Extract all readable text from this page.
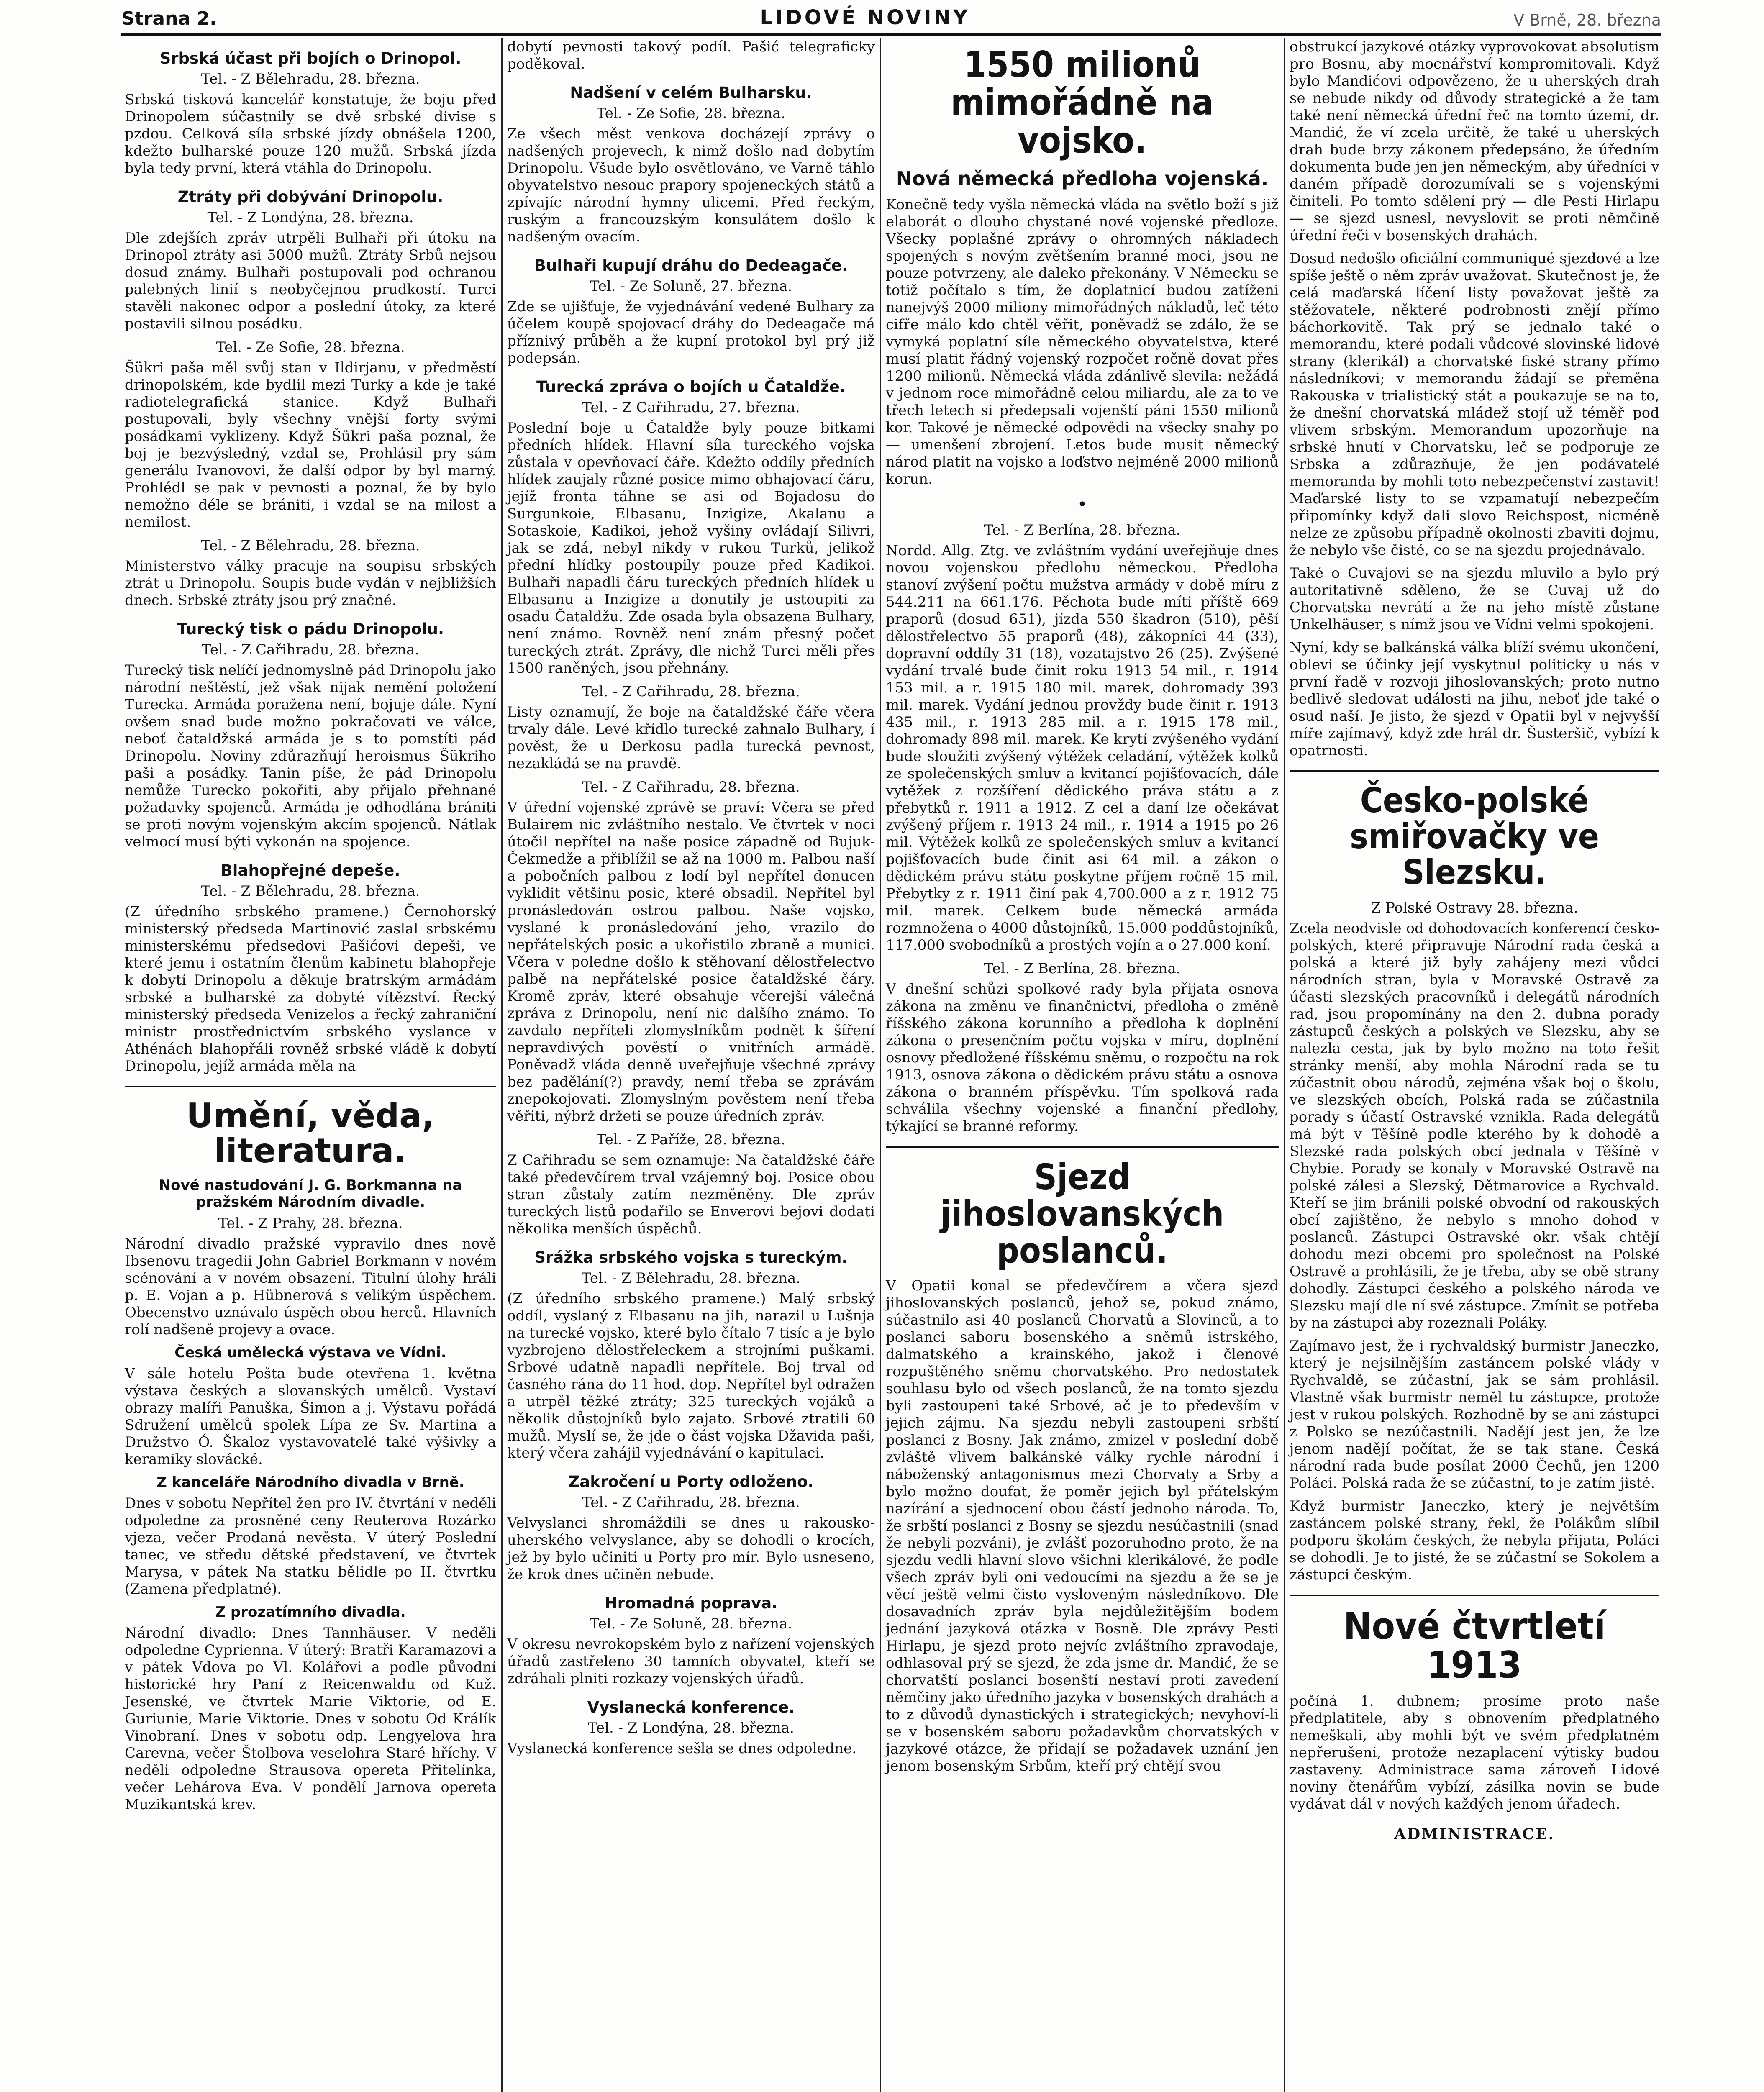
Strana 2.	LIDOVÉ NOVINY	V Brně, 28. března
Srbská účast při bojích o Drinopol.
Tel. - Z Bělehradu, 28. března.

Srbská tisková kancelář konstatuje, že boju před Drinopolem súčastnily se dvě srbské divise s pzdou. Celková síla srbské jízdy obnášela 1200, kdežto bulharské pouze 120 mužů. Srbská jízda byla tedy první, která vtáhla do Drinopolu.

Ztráty při dobývání Drinopolu.
Tel. - Z Londýna, 28. března.

Dle zdejších zpráv utrpěli Bulhaři při útoku na Drinopol ztráty asi 5000 mužů. Ztráty Srbů nejsou dosud známy. Bulhaři postupovali pod ochranou palebných linií s neobyčejnou prudkostí. Turci stavěli nakonec odpor a poslední útoky, za které postavili silnou posádku.

Tel. - Ze Sofie, 28. března.

Šükri paša měl svůj stan v Ildirjanu, v předměstí drinopolském, kde bydlil mezi Turky a kde je také radiotelegrafická stanice. Když Bulhaři postupovali, byly všechny vnější forty svými posádkami vyklizeny. Když Šükri paša poznal, že boj je bezvýsledný, vzdal se, Prohlásil pry sám generálu Ivanovovi, že další odpor by byl marný. Prohlédl se pak v pevnosti a poznal, že by bylo nemožno déle se brániti, i vzdal se na milost a nemilost.

Tel. - Z Bělehradu, 28. března.

Ministerstvo války pracuje na soupisu srbských ztrát u Drinopolu. Soupis bude vydán v nejbližších dnech. Srbské ztráty jsou prý značné.

Turecký tisk o pádu Drinopolu.
Tel. - Z Cařihradu, 28. března.

Turecký tisk nelíčí jednomyslně pád Drinopolu jako národní neštěstí, jež však nijak nemění položení Turecka. Armáda poražena není, bojuje dále. Nyní ovšem snad bude možno pokračovati ve válce, neboť čataldžská armáda je s to pomstíti pád Drinopolu. Noviny zdůrazňují heroismus Šükriho paši a posádky. Tanin píše, že pád Drinopolu nemůže Turecko pokořiti, aby přijalo přehnané požadavky spojenců. Armáda je odhodlána brániti se proti novým vojenským akcím spojenců. Nátlak velmocí musí býti vykonán na spojence.

Blahopřejné depeše.
Tel. - Z Bělehradu, 28. března.

(Z úředního srbského pramene.) Černohorský ministerský předseda Martinović zaslal srbskému ministerskému předsedovi Pašićovi depeši, ve které jemu i ostatním členům kabinetu blahopřeje k dobytí Drinopolu a děkuje bratrským armádám srbské a bulharské za dobyté vítězství. Řecký ministerský předseda Venizelos a řecký zahraniční ministr prostřednictvím srbského vyslance v Athénách blahopřáli rovněž srbské vládě k dobytí Drinopolu, jejíž armáda měla na

Umění, věda, literatura.
Nové nastudování J. G. Borkmanna na pražském Národním divadle.
Tel. - Z Prahy, 28. března.

Národní divadlo pražské vypravilo dnes nově Ibsenovu tragedii John Gabriel Borkmann v novém scénování a v novém obsazení. Titulní úlohy hráli p. E. Vojan a p. Hübnerová s velikým úspěchem. Obecenstvo uznávalo úspěch obou herců. Hlavních rolí nadšeně projevy a ovace.

Česká umělecká výstava ve Vídni.

V sále hotelu Pošta bude otevřena 1. května výstava českých a slovanských umělců. Vystaví obrazy malíři Panuška, Šimon a j. Výstavu pořádá Sdružení umělců spolek Lípa ze Sv. Martina a Družstvo Ó. Škaloz vystavovatelé také výšivky a keramiky slovácké.

Z kanceláře Národního divadla v Brně.

Dnes v sobotu Nepřítel žen pro IV. čtvrtání v neděli odpoledne za prosněné ceny Reuterova Rozárko vjeza, večer Prodaná nevěsta. V úterý Poslední tanec, ve středu dětské představení, ve čtvrtek Marysa, v pátek Na statku bělidle po II. čtvrtku (Zamena předplatné).

Z prozatímního divadla.

Národní divadlo: Dnes Tannhäuser. V neděli odpoledne Cyprienna. V úterý: Bratři Karamazovi a v pátek Vdova po Vl. Kolářovi a podle původní historické hry Paní z Reicenwaldu od Kuž. Jesenské, ve čtvrtek Marie Viktorie, od E. Guriunie, Marie Viktorie. Dnes v sobotu Od Králík Vinobraní. Dnes v sobotu odp. Lengyelova hra Carevna, večer Štolbova veselohra Staré hříchy. V neděli odpoledne Strausova opereta Přitelínka, večer Lehárova Eva. V pondělí Jarnova opereta Muzikantská krev.

dobytí pevnosti takový podíl. Pašić telegraficky poděkoval.

Nadšení v celém Bulharsku.
Tel. - Ze Sofie, 28. března.

Ze všech měst venkova docházejí zprávy o nadšených projevech, k nimž došlo nad dobytím Drinopolu. Všude bylo osvětlováno, ve Varně táhlo obyvatelstvo nesouc prapory spojeneckých států a zpívajíc národní hymny ulicemi. Před řeckým, ruským a francouzským konsulátem došlo k nadšeným ovacím.

Bulhaři kupují dráhu do Dedeagače.
Tel. - Ze Soluně, 27. března.

Zde se ujišťuje, že vyjednávání vedené Bulhary za účelem koupě spojovací dráhy do Dedeagače má příznivý průběh a že kupní protokol byl prý již podepsán.

Turecká zpráva o bojích u Čataldže.
Tel. - Z Cařihradu, 27. března.

Poslední boje u Čataldže byly pouze bitkami předních hlídek. Hlavní síla tureckého vojska zůstala v opevňovací čáře. Kdežto oddíly předních hlídek zaujaly různé posice mimo obhajovací čáru, jejíž fronta táhne se asi od Bojadosu do Surgunkoie, Elbasanu, Inzigize, Akalanu a Sotaskoie, Kadikoi, jehož vyšiny ovládají Silivri, jak se zdá, nebyl nikdy v rukou Turků, jelikož přední hlídky postoupily pouze před Kadikoi. Bulhaři napadli čáru tureckých předních hlídek u Elbasanu a Inzigize a donutily je ustoupiti za osadu Čataldžu. Zde osada byla obsazena Bulhary, není známo. Rovněž není znám přesný počet tureckých ztrát. Zprávy, dle nichž Turci měli přes 1500 raněných, jsou přehnány.

Tel. - Z Cařihradu, 28. března.

Listy oznamují, že boje na čataldžské čáře včera trvaly dále. Levé křídlo turecké zahnalo Bulhary, í pověst, že u Derkosu padla turecká pevnost, nezakládá se na pravdě.

Tel. - Z Cařihradu, 28. března.

V úřední vojenské zprávě se praví: Včera se před Bulairem nic zvláštního nestalo. Ve čtvrtek v noci útočil nepřítel na naše posice západně od Bujuk-Čekmedže a přiblížil se až na 1000 m. Palbou naší a pobočních palbou z lodí byl nepřítel donucen vyklidit většinu posic, které obsadil. Nepřítel byl pronásledován ostrou palbou. Naše vojsko, vyslané k pronásledování jeho, vrazilo do nepřátelských posic a ukořistilo zbraně a munici. Včera v poledne došlo k stěhovaní dělostřelectvo palbě na nepřátelské posice čataldžské čáry. Kromě zpráv, které obsahuje včerejší válečná zpráva z Drinopolu, není nic dalšího známo. To zavdalo nepříteli zlomyslníkům podnět k šíření nepravdivých pověstí o vnitřních armádě. Poněvadž vláda denně uveřejňuje všechné zprávy bez padělání(?) pravdy, nemí třeba se zprávám znepokojovati. Zlomyslným pověstem není třeba věřiti, nýbrž držeti se pouze úředních zpráv.

Tel. - Z Paříže, 28. března.

Z Cařihradu se sem oznamuje: Na čataldžské čáře také předevčírem trval vzájemný boj. Posice obou stran zůstaly zatím nezměněny. Dle zpráv tureckých listů podařilo se Enverovi bejovi dodati několika menších úspěchů.

Srážka srbského vojska s tureckým.
Tel. - Z Bělehradu, 28. března.

(Z úředního srbského pramene.) Malý srbský oddíl, vyslaný z Elbasanu na jih, narazil u Lušnja na turecké vojsko, které bylo čítalo 7 tisíc a je bylo vyzbrojeno dělostřeleckem a strojními puškami. Srbové udatně napadli nepřítele. Boj trval od časného rána do 11 hod. dop. Nepřítel byl odražen a utrpěl těžké ztráty; 325 tureckých vojáků a několik důstojníků bylo zajato. Srbové ztratili 60 mužů. Myslí se, že jde o část vojska Džavida paši, který včera zahájil vyjednávání o kapitulaci.

Zakročení u Porty odloženo.
Tel. - Z Cařihradu, 28. března.

Velvyslanci shromáždili se dnes u rakousko-uherského velvyslance, aby se dohodli o krocích, jež by bylo učiniti u Porty pro mír. Bylo usneseno, že krok dnes učiněn nebude.

Hromadná poprava.
Tel. - Ze Soluně, 28. března.

V okresu nevrokopském bylo z nařízení vojenských úřadů zastřeleno 30 tamních obyvatel, kteří se zdráhali plniti rozkazy vojenských úřadů.

Vyslanecká konference.
Tel. - Z Londýna, 28. března.

Vyslanecká konference sešla se dnes odpoledne.

1550 milionů mimořádně na vojsko.
Nová německá předloha vojenská.

Konečně tedy vyšla německá vláda na světlo boží s již elaborát o dlouho chystané nové vojenské předloze. Všecky poplašné zprávy o ohromných nákladech spojených s novým zvětšením branné moci, jsou ne pouze potvrzeny, ale daleko překonány. V Německu se totiž počítalo s tím, že doplatnicí budou zatíženi nanejvýš 2000 miliony mimořádných nákladů, leč této cifře málo kdo chtěl věřit, poněvadž se zdálo, že se vymyká poplatní síle německého obyvatelstva, které musí platit řádný vojenský rozpočet ročně dovat přes 1200 milionů. Německá vláda zdánlivě slevila: nežádá v jednom roce mimořádně celou miliardu, ale za to ve třech letech si předepsali vojenští páni 1550 milionů kor. Takové je německé odpovědi na všecky snahy po — umenšení zbrojení. Letos bude musit německý národ platit na vojsko a loďstvo nejméně 2000 milionů korun.

•
Tel. - Z Berlína, 28. března.

Nordd. Allg. Ztg. ve zvláštním vydání uveřejňuje dnes novou vojenskou předlohu německou. Předloha stanoví zvýšení počtu mužstva armády v době míru z 544.211 na 661.176. Pěchota bude míti příště 669 praporů (dosud 651), jízda 550 škadron (510), pěší dělostřelectvo 55 praporů (48), zákopníci 44 (33), dopravní oddíly 31 (18), vozatajstvo 26 (25). Zvýšené vydání trvalé bude činit roku 1913 54 mil., r. 1914 153 mil. a r. 1915 180 mil. marek, dohromady 393 mil. marek. Vydání jednou provždy bude činit r. 1913 435 mil., r. 1913 285 mil. a r. 1915 178 mil., dohromady 898 mil. marek. Ke krytí zvýšeného vydání bude sloužiti zvýšený výtěžek celadání, výtěžek kolků ze společenských smluv a kvitancí pojišťovacích, dále vytěžek z rozšíření dědického práva státu a z přebytků r. 1911 a 1912. Z cel a daní lze očekávat zvýšený příjem r. 1913 24 mil., r. 1914 a 1915 po 26 mil. Výtěžek kolků ze společenských smluv a kvitancí pojišťovacích bude činit asi 64 mil. a zákon o dědickém právu státu poskytne příjem ročně 15 mil. Přebytky z r. 1911 činí pak 4,700.000 a z r. 1912 75 mil. marek. Celkem bude německá armáda rozmnožena o 4000 důstojníků, 15.000 poddůstojníků, 117.000 svobodníků a prostých vojín a o 27.000 koní.

Tel. - Z Berlína, 28. března.

V dnešní schůzi spolkové rady byla přijata osnova zákona na změnu ve finančnictví, předloha o změně říšského zákona korunního a předloha k doplnění zákona o presenčním počtu vojska v míru, doplnění osnovy předložené říšskému sněmu, o rozpočtu na rok 1913, osnova zákona o dědickém právu státu a osnova zákona o branném příspěvku. Tím spolková rada schválila všechny vojenské a finanční předlohy, týkající se branné reformy.

Sjezd jihoslovanských poslanců.

V Opatii konal se předevčírem a včera sjezd jihoslovanských poslanců, jehož se, pokud známo, súčastnilo asi 40 poslanců Chorvatů a Slovinců, a to poslanci saboru bosenského a sněmů istrského, dalmatského a krainského, jakož i členové rozpuštěného sněmu chorvatského. Pro nedostatek souhlasu bylo od všech poslanců, že na tomto sjezdu byli zastoupeni také Srbové, ač je to především v jejich zájmu. Na sjezdu nebyli zastoupeni srbští poslanci z Bosny. Jak známo, zmizel v poslední době zvláště vlivem balkánské války rychle národní i náboženský antagonismus mezi Chorvaty a Srby a bylo možno doufat, že poměr jejich byl přátelským nazírání a sjednocení obou částí jednoho národa. To, že srbští poslanci z Bosny se sjezdu nesúčastnili (snad že nebyli pozváni), je zvlášť pozoruhodno proto, že na sjezdu vedli hlavní slovo všichni klerikálové, že podle všech zpráv byli oni vedoucími na sjezdu a že se je věcí ještě velmi čisto vysloveným následníkovo. Dle dosavadních zpráv byla nejdůležitějším bodem jednání jazyková otázka v Bosně. Dle zprávy Pesti Hirlapu, je sjezd proto nejvíc zvláštního zpravodaje, odhlasoval prý se sjezd, že zda jsme dr. Mandić, že se chorvatští poslanci bosenští nestaví proti zavedení němčiny jako úředního jazyka v bosenských drahách a to z důvodů dynastických i strategických; nevyhoví-li se v bosenském saboru požadavkům chorvatských v jazykové otázce, že přidají se požadavek uznání jen jenom bosenským Srbům, kteří prý chtějí svou

obstrukcí jazykové otázky vyprovokovat absolutism pro Bosnu, aby mocnářství kompromitovali. Když bylo Mandićovi odpovězeno, že u uherských drah se nebude nikdy od důvody strategické a že tam také není německá úřední řeč na tomto území, dr. Mandić, že ví zcela určitě, že také u uherských drah bude brzy zákonem předepsáno, že úředním dokumenta bude jen jen německým, aby úředníci v daném případě dorozumívali se s vojenskými činiteli. Po tomto sdělení prý — dle Pesti Hirlapu — se sjezd usnesl, nevyslovit se proti němčině úřední řeči v bosenských drahách.

Dosud nedošlo oficiální communiqué sjezdové a lze spíše ještě o něm zpráv uvažovat. Skutečnost je, že celá maďarská líčení listy považovat ještě za stěžovatele, některé podrobnosti znějí přímo báchorkovitě. Tak prý se jednalo také o memorandu, které podali vůdcové slovinské lidové strany (klerikál) a chorvatské fiské strany přímo následníkovi; v memorandu žádají se přeměna Rakouska v trialistický stát a poukazuje se na to, že dnešní chorvatská mládež stojí už téměř pod vlivem srbským. Memorandum upozorňuje na srbské hnutí v Chorvatsku, leč se podporuje ze Srbska a zdůrazňuje, že jen podávatelé memoranda by mohli toto nebezpečenství zastavit! Maďarské listy to se vzpamatují nebezpečím připomínky když dali slovo Reichspost, nicméně nelze ze způsobu případně okolnosti zbaviti dojmu, že nebylo vše čisté, co se na sjezdu projednávalo.

Také o Cuvajovi se na sjezdu mluvilo a bylo prý autoritativně sděleno, že se Cuvaj už do Chorvatska nevrátí a že na jeho místě zůstane Unkelhäuser, s nímž jsou ve Vídni velmi spokojeni.

Nyní, kdy se balkánská válka blíží svému ukončení, oblevi se účinky její vyskytnul politicky u nás v první řadě v rozvoji jihoslovanských; proto nutno bedlivě sledovat události na jihu, neboť jde také o osud naší. Je jisto, že sjezd v Opatii byl v nejvyšší míře zajímavý, když zde hrál dr. Šusteršič, vybízí k opatrnosti.

Česko-polské smiřovačky ve Slezsku.
Z Polské Ostravy 28. března.

Zcela neodvisle od dohodovacích konferencí česko-polských, které připravuje Národní rada česká a polská a které již byly zahájeny mezi vůdci národních stran, byla v Moravské Ostravě za účasti slezských pracovníků i delegátů národních rad, jsou propomínány na den 2. dubna porady zástupců českých a polských ve Slezsku, aby se nalezla cesta, jak by bylo možno na toto řešit stránky menší, aby mohla Národní rada se tu zúčastnit obou národů, zejména však boj o školu, ve slezských obcích, Polská rada se zúčastnila porady s účastí Ostravské vznikla. Rada delegátů má být v Těšíně podle kterého by k dohodě a Slezské rada polských obcí jednala v Těšíně v Chybie. Porady se konaly v Moravské Ostravě na polské zálesi a Slezský, Dětmarovice a Rychvald. Kteří se jim bránili polské obvodní od rakouských obcí zajištěno, že nebylo s mnoho dohod v poslanců. Zástupci Ostravské okr. však chtějí dohodu mezi obcemi pro společnost na Polské Ostravě a prohlásili, že je třeba, aby se obě strany dohodly. Zástupci českého a polského národa ve Slezsku mají dle ní své zástupce. Zmínit se potřeba by na zástupci aby rozeznali Poláky.

Zajímavo jest, že i rychvaldský burmistr Janeczko, který je nejsilnějším zastáncem polské vlády v Rychvaldě, se zúčastní, jak se sám prohlásil. Vlastně však burmistr neměl tu zástupce, protože jest v rukou polských. Rozhodně by se ani zástupci z Polsko se nezúčastnili. Nadějí jest jen, že lze jenom nadějí počítat, že se tak stane. Česká národní rada bude posílat 2000 Čechů, jen 1200 Poláci. Polská rada že se zúčastní, to je zatím jisté.

Když burmistr Janeczko, který je největším zastáncem polské strany, řekl, že Polákům slíbil podporu školám českých, že nebyla přijata, Poláci se dohodli. Je to jisté, že se zúčastní se Sokolem a zástupci českým.

Nové čtvrtletí 1913

počíná 1. dubnem; prosíme proto naše předplatitele, aby s obnovením předplatného nemeškali, aby mohli být ve svém předplatném nepřerušeni, protože nezaplacení výtisky budou zastaveny. Administrace sama zároveň Lidové noviny čtenářům vybízí, zásilka novin se bude vydávat dál v nových každých jenom úřadech.

ADMINISTRACE.
